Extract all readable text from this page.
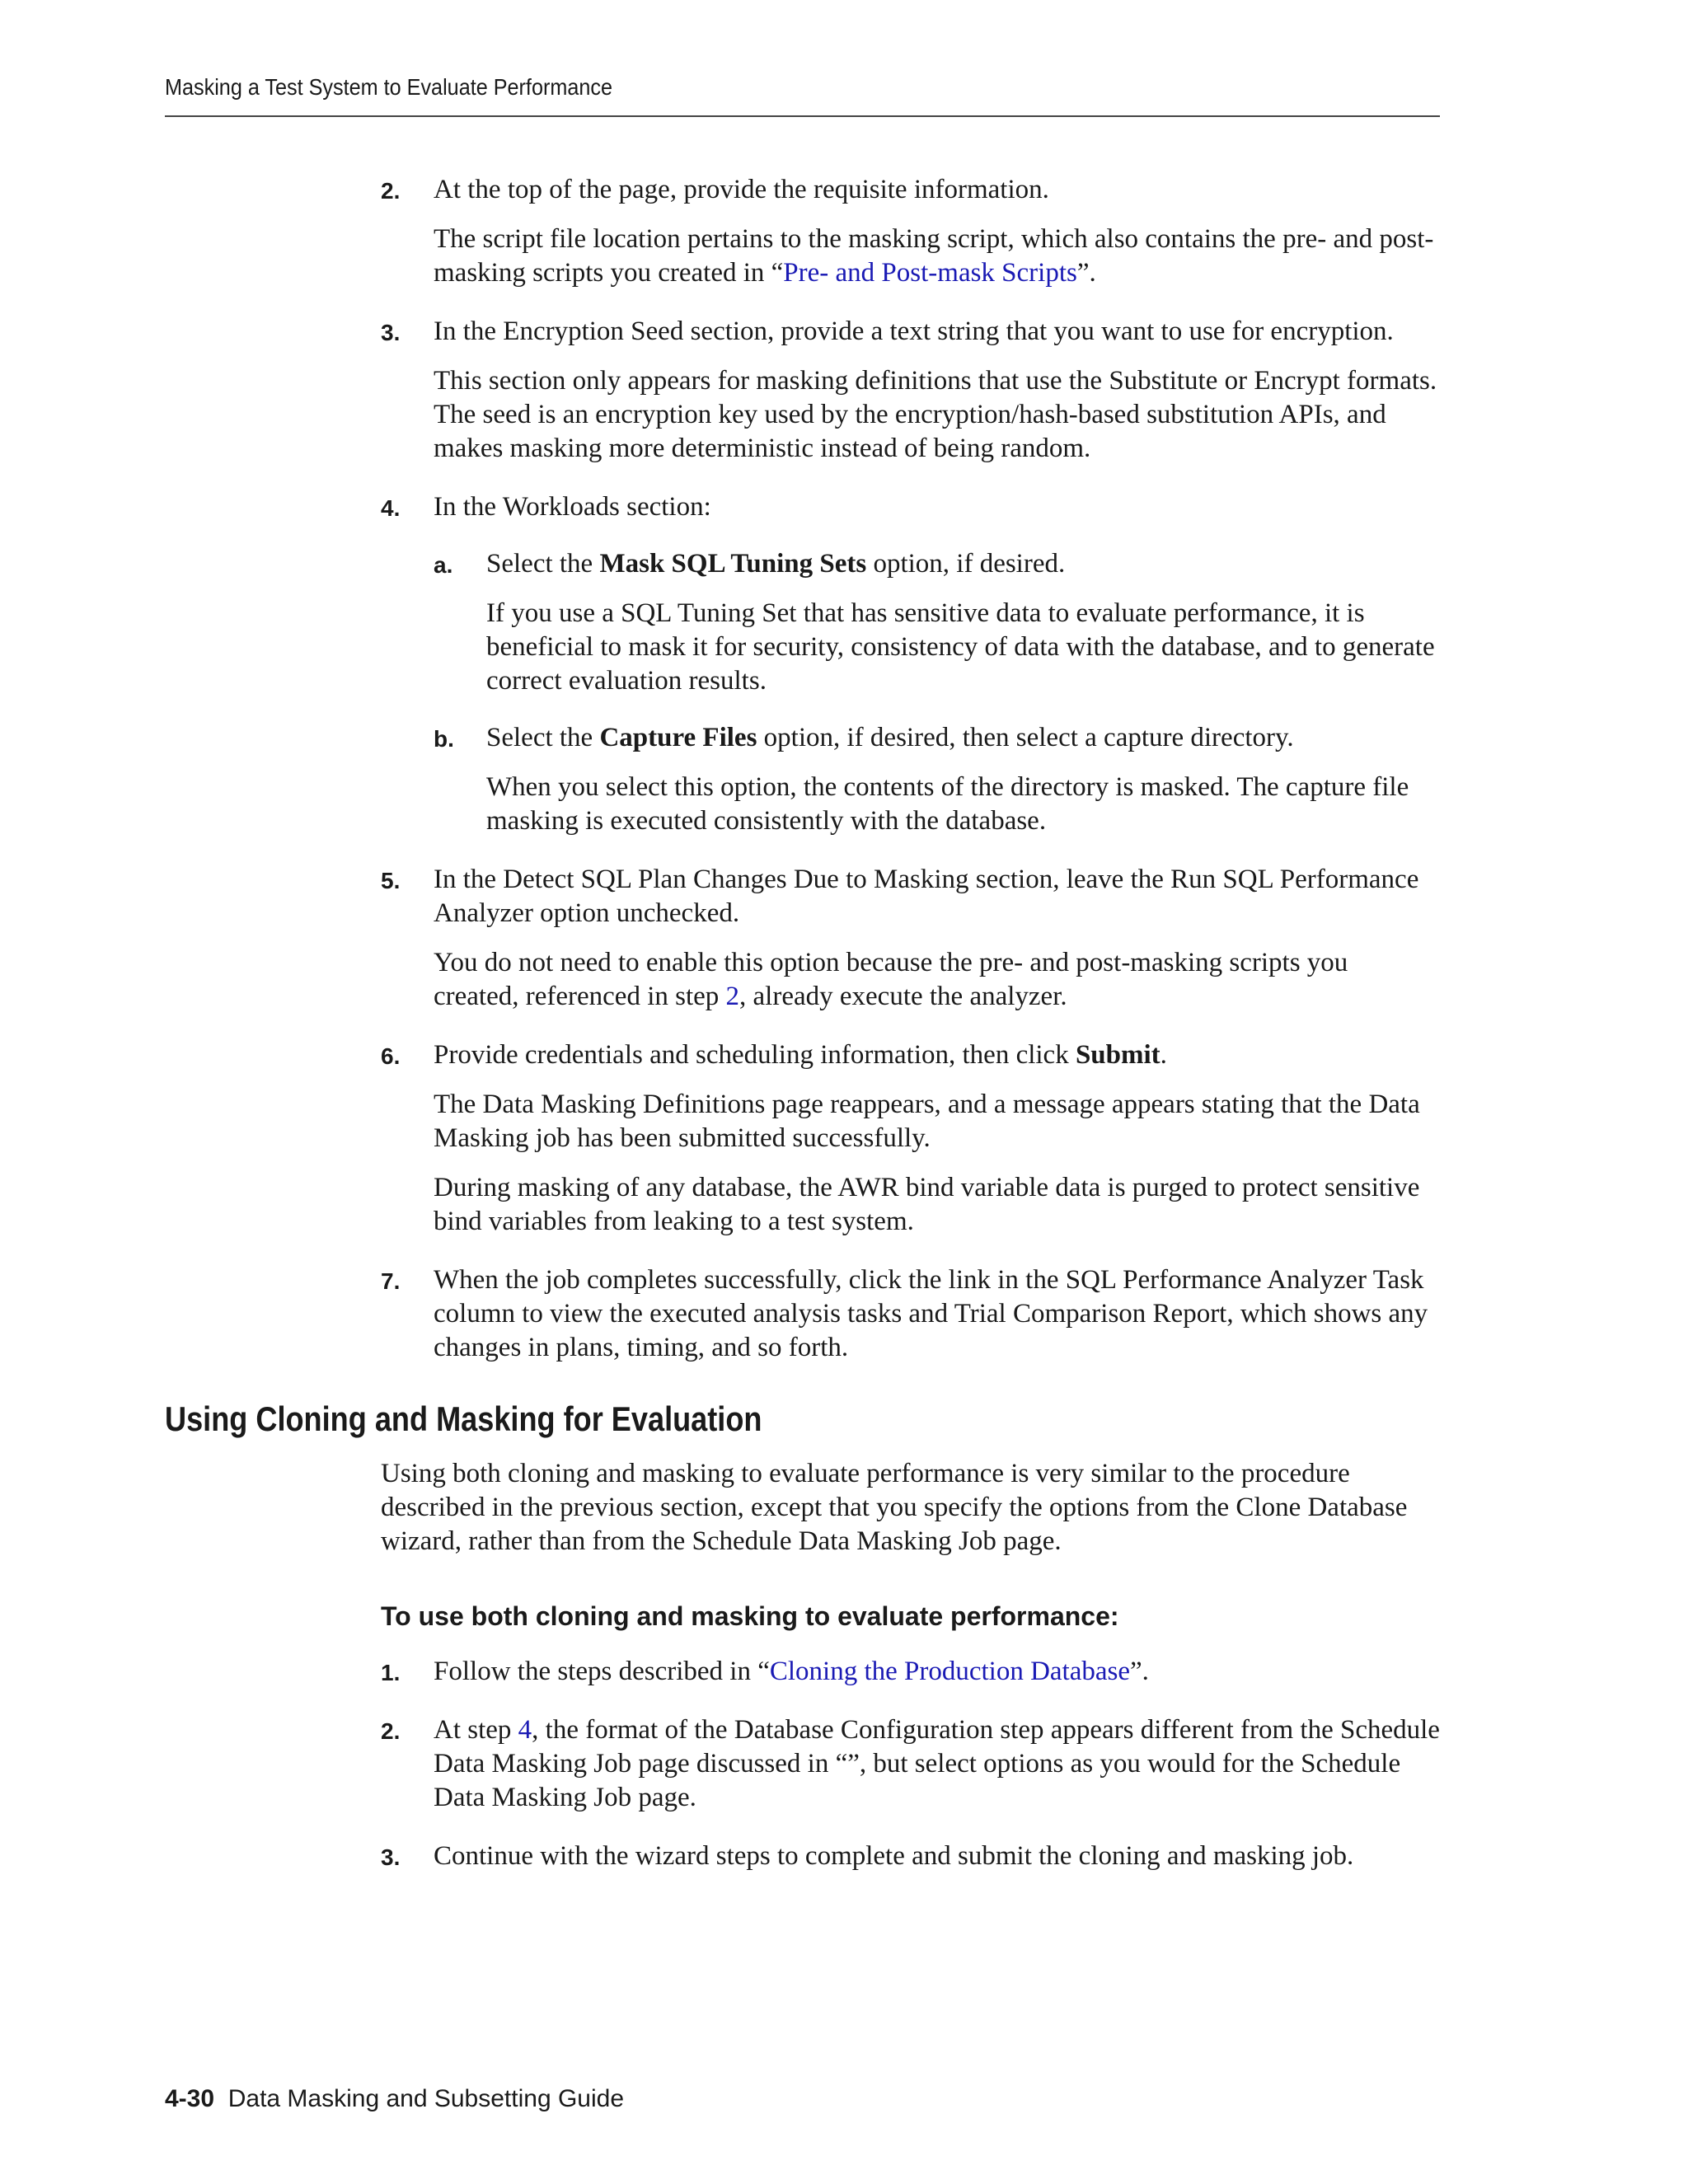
Masking a Test System to Evaluate Performance
2. At the top of the page, provide the requisite information.
The script file location pertains to the masking script, which also contains the pre- and post-masking scripts you created in “Pre- and Post-mask Scripts”.
3. In the Encryption Seed section, provide a text string that you want to use for encryption.
This section only appears for masking definitions that use the Substitute or Encrypt formats. The seed is an encryption key used by the encryption/hash-based substitution APIs, and makes masking more deterministic instead of being random.
4. In the Workloads section:
a. Select the Mask SQL Tuning Sets option, if desired.
If you use a SQL Tuning Set that has sensitive data to evaluate performance, it is beneficial to mask it for security, consistency of data with the database, and to generate correct evaluation results.
b. Select the Capture Files option, if desired, then select a capture directory.
When you select this option, the contents of the directory is masked. The capture file masking is executed consistently with the database.
5. In the Detect SQL Plan Changes Due to Masking section, leave the Run SQL Performance Analyzer option unchecked.
You do not need to enable this option because the pre- and post-masking scripts you created, referenced in step 2, already execute the analyzer.
6. Provide credentials and scheduling information, then click Submit.
The Data Masking Definitions page reappears, and a message appears stating that the Data Masking job has been submitted successfully.
During masking of any database, the AWR bind variable data is purged to protect sensitive bind variables from leaking to a test system.
7. When the job completes successfully, click the link in the SQL Performance Analyzer Task column to view the executed analysis tasks and Trial Comparison Report, which shows any changes in plans, timing, and so forth.
Using Cloning and Masking for Evaluation
Using both cloning and masking to evaluate performance is very similar to the procedure described in the previous section, except that you specify the options from the Clone Database wizard, rather than from the Schedule Data Masking Job page.
To use both cloning and masking to evaluate performance:
1. Follow the steps described in “Cloning the Production Database”.
2. At step 4, the format of the Database Configuration step appears different from the Schedule Data Masking Job page discussed in “”, but select options as you would for the Schedule Data Masking Job page.
3. Continue with the wizard steps to complete and submit the cloning and masking job.
4-30 Data Masking and Subsetting Guide
